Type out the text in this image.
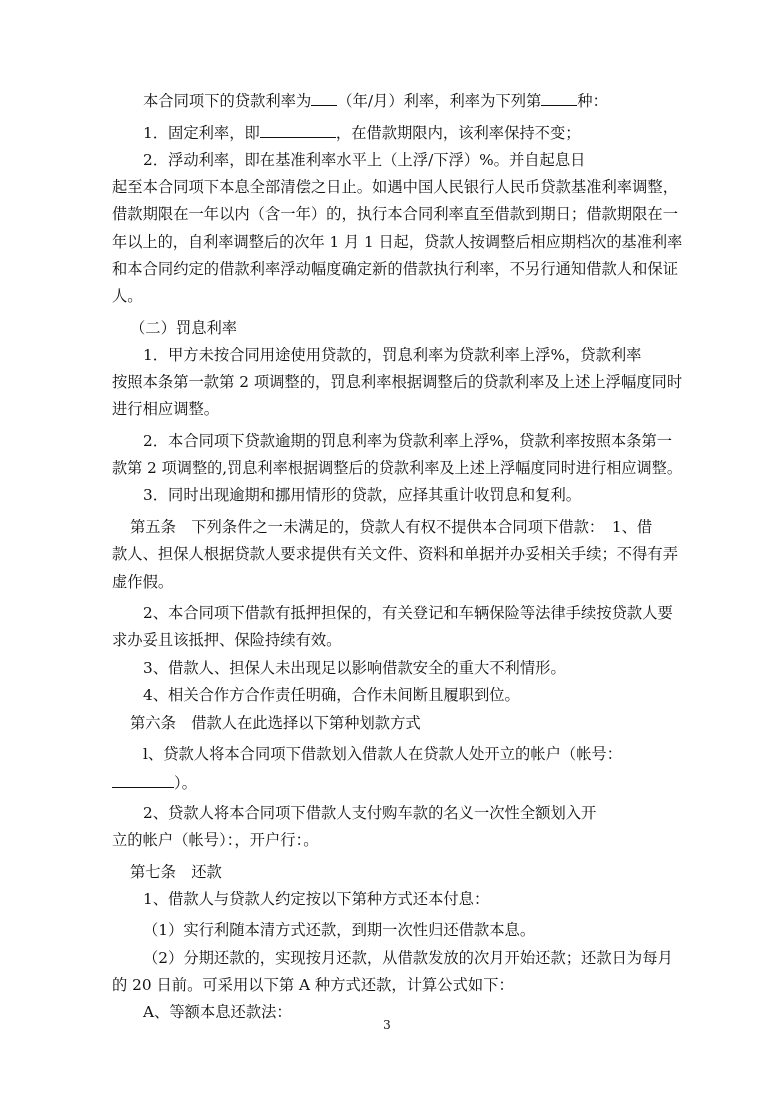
3
本合同项下的贷款利率为 （年/月）利率，利率为下列第 种：
1．固定利率，即	，在借款期限内，该利率保持不变；
2．浮动利率，即在基准利率水平上（上浮/下浮）%。并自起息日
起至本合同项下本息全部清偿之日止。如遇中国人民银行人民币贷款基准利率调整，
借款期限在一年以内（含一年）的，执行本合同利率直至借款到期日；借款期限在一
年以上的，自利率调整后的次年 1 月 1 日起，贷款人按调整后相应期档次的基准利率
和本合同约定的借款利率浮动幅度确定新的借款执行利率，不另行通知借款人和保证
人。
（二）罚息利率
1．甲方未按合同用途使用贷款的，罚息利率为贷款利率上浮%，贷款利率
按照本条第一款第 2 项调整的，罚息利率根据调整后的贷款利率及上述上浮幅度同时
进行相应调整。
2．本合同项下贷款逾期的罚息利率为贷款利率上浮%，贷款利率按照本条第一
款第 2 项调整的,罚息利率根据调整后的贷款利率及上述上浮幅度同时进行相应调整。
3．同时出现逾期和挪用情形的贷款，应择其重计收罚息和复利。
第五条　下列条件之一未满足的，贷款人有权不提供本合同项下借款：　1、借
款人、担保人根据贷款人要求提供有关文件、资料和单据并办妥相关手续；不得有弄
虚作假。
2、本合同项下借款有抵押担保的，有关登记和车辆保险等法律手续按贷款人要
求办妥且该抵押、保险持续有效。
3、借款人、担保人未出现足以影响借款安全的重大不利情形。
4、相关合作方合作责任明确，合作未间断且履职到位。
第六条　借款人在此选择以下第种划款方式
l、贷款人将本合同项下借款划入借款人在贷款人处开立的帐户（帐号：
）。
2、贷款人将本合同项下借款人支付购车款的名义一次性全额划入开
立的帐户（帐号）：，开户行：。
第七条　还款
1、借款人与贷款人约定按以下第种方式还本付息：
（1）实行利随本清方式还款，到期一次性归还借款本息。
（2）分期还款的，实现按月还款，从借款发放的次月开始还款；还款日为每月
的 20 日前。可采用以下第 A 种方式还款，计算公式如下：
A、等额本息还款法：
